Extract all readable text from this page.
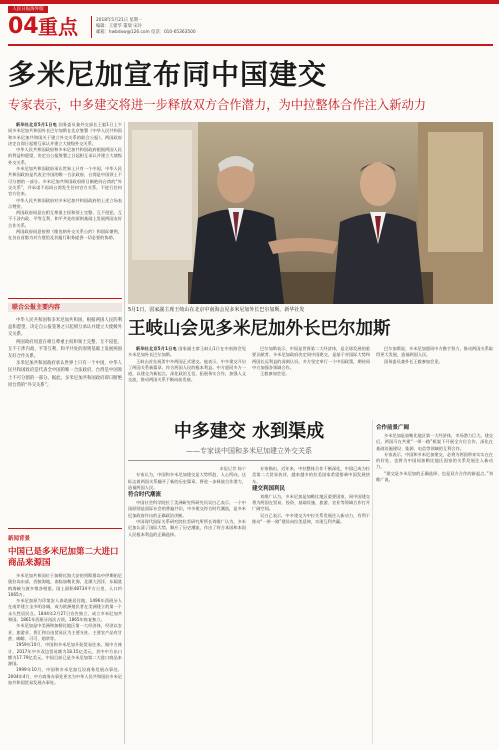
人民日报海外版
04 重点	2018年5月21日 星期一
编辑：王建华 董瑞 宋玲
邮箱：hwbdxw@126.com 电话：010-65363500
多米尼加宣布同中国建交
专家表示，中多建交将进一步释放双方合作潜力，为中拉整体合作注入新动力

新华社北京5月1日电 国务委员兼外交部长王毅1日上午同多米尼加共和国外长巴尔加斯在北京签署《中华人民共和国和多米尼加共和国关于建立外交关系的联合公报》。两国政府决定自即日起相互承认并建立大使级外交关系。

中华人民共和国政府和多米尼加共和国政府根据两国人民的利益和愿望，决定自公报签署之日起相互承认并建立大使级外交关系。

多米尼加共和国政府承认世界上只有一个中国，中华人民共和国政府是代表全中国的唯一合法政府，台湾是中国领土不可分割的一部分。多米尼加共和国政府即日断绝同台湾的“外交关系”，并承诺不再同台湾发生任何官方关系，不进行任何官方往来。

中华人民共和国政府对多米尼加共和国政府的上述立场表示赞赏。

两国政府同意在相互尊重主权和领土完整、互不侵犯、互不干涉内政、平等互利、和平共处的原则基础上发展两国友好合作关系。

两国政府同意按照《维也纳外交关系公约》和国际惯例，在各自首都为对方建馆及其履行职务提供一切必要的协助。

5月1日，国家副主席王岐山在北京中南海会见多米尼加外长巴尔加斯。新华社发
联合公报主要内容

中华人民共和国和多米尼加共和国，根据两国人民的利益和愿望，决定自公报签署之日起相互承认并建立大使级外交关系。

两国政府同意在相互尊重主权和领土完整、互不侵犯、互不干涉内政、平等互利、和平共处的原则基础上发展两国友好合作关系。

多米尼加共和国政府承认世界上只有一个中国，中华人民共和国政府是代表全中国的唯一合法政府，台湾是中国领土不可分割的一部分。据此，多米尼加共和国政府即日断绝同台湾的“外交关系”。

新闻背景
中国已是多米尼加第二大进口商品来源国

多米尼加共和国位于加勒比海大安的列斯群岛中伊斯帕尼奥拉岛东部，西接海地，南临加勒比海，北濒大西洋，东隔莫纳海峡与波多黎各相望。国土面积48734平方公里，人口约1065万。

多米尼加原为印第安人泰诺族居住地，1496年西班牙人在南岸建立圣多明各城，成为欧洲殖民者在美洲建立的第一个永久性居民点。1844年2月27日宣告独立，成立多米尼加共和国。1861年西班牙再次占领。1865年恢复独立。

多米尼加是中美洲和加勒比地区第一大经济体，经济以农业、旅游业、侨汇和自由贸易区为主要支柱。主要农产品有甘蔗、咖啡、可可、烟草等。

1959年10月，中国和多米尼加开始贸易往来。据中方统计，2017年中多双边贸易额为18.15亿美元，其中中方出口额为17.79亿美元。中国目前已是多米尼加第二大进口商品来源国。

1999年10月，中国和多米尼加互设商务发展办事处。2004年4月，中方商务办事处更名为中华人民共和国驻多米尼加共和国贸易发展办事处。

王岐山会见多米尼加外长巴尔加斯

新华社北京5月1日电 国家副主席王岐山1日在中南海会见多米尼加外长巴尔加斯。

王岐山首先祝贺中多两国正式建交。他表示，中多建交开启了两国关系新篇章，符合两国人民的根本利益。中方愿同多方一道，以建交为新起点，深化政治互信，拓展务实合作，加强人文交流，推动两国关系不断向前发展。

巴尔加斯表示，中国是世界第二大经济体，是全球发展的重要贡献者。多米尼加政府决定同中国建交，是基于对国际大势和两国长远利益的深刻认识。多方坚定奉行一个中国政策，期待同中方加强各领域合作。

王毅参加会见。

巴尔加斯说，多米尼加愿同中方携手努力，推动两国关系取得更大发展，造福两国人民。

国务委员兼外长王毅参加会见。

中多建交 水到渠成
——专家谈中国和多米尼加建立外交关系
本报记者 杨宁

专家认为，中国和多米尼加建交是大势所趋、人心所向，这标志着两国关系翻开了新的历史篇章，将进一步释放合作潜力，造福两国人民。

符合时代潮流

中国社会科学院拉丁美洲研究所研究员吴白乙表示，一个中国原则是国际社会的普遍共识，中多建交符合时代潮流，是多米尼加政府作出的正确政治决断。

中国现代国际关系研究院拉美研究所所长刘维广认为，多米尼加认清了国际大势，顺应了历史潮流，作出了符合本国和本国人民根本利益的正确选择。

专家指出，近年来，中拉整体合作不断深化，中国已成为拉美第二大贸易伙伴，越来越多的拉美国家希望搭乘中国发展快车。

建交利国利民

刘维广认为，多米尼加是加勒比地区重要国家，同中国建交将为两国在贸易、投资、基础设施、旅游、农业等领域合作打开广阔空间。

吴白乙表示，中多建交为中拉关系发展注入新动力，有利于推动“一带一路”建设向拉美延伸，实现互利共赢。

合作前景广阔

多米尼加是加勒比地区第一大经济体，市场潜力巨大。建交后，两国可在共建“一带一路”框架下开展全方位合作，深化在基础设施建设、能源、电信等领域的互利合作。

专家表示，中国和多米尼加建交，必将为两国带来实实在在的好处，也将为中国同加勒比地区国家的关系发展注入新动力。

“建交是多米尼加的正确选择，也是双方合作的新起点。”刘维广说。
